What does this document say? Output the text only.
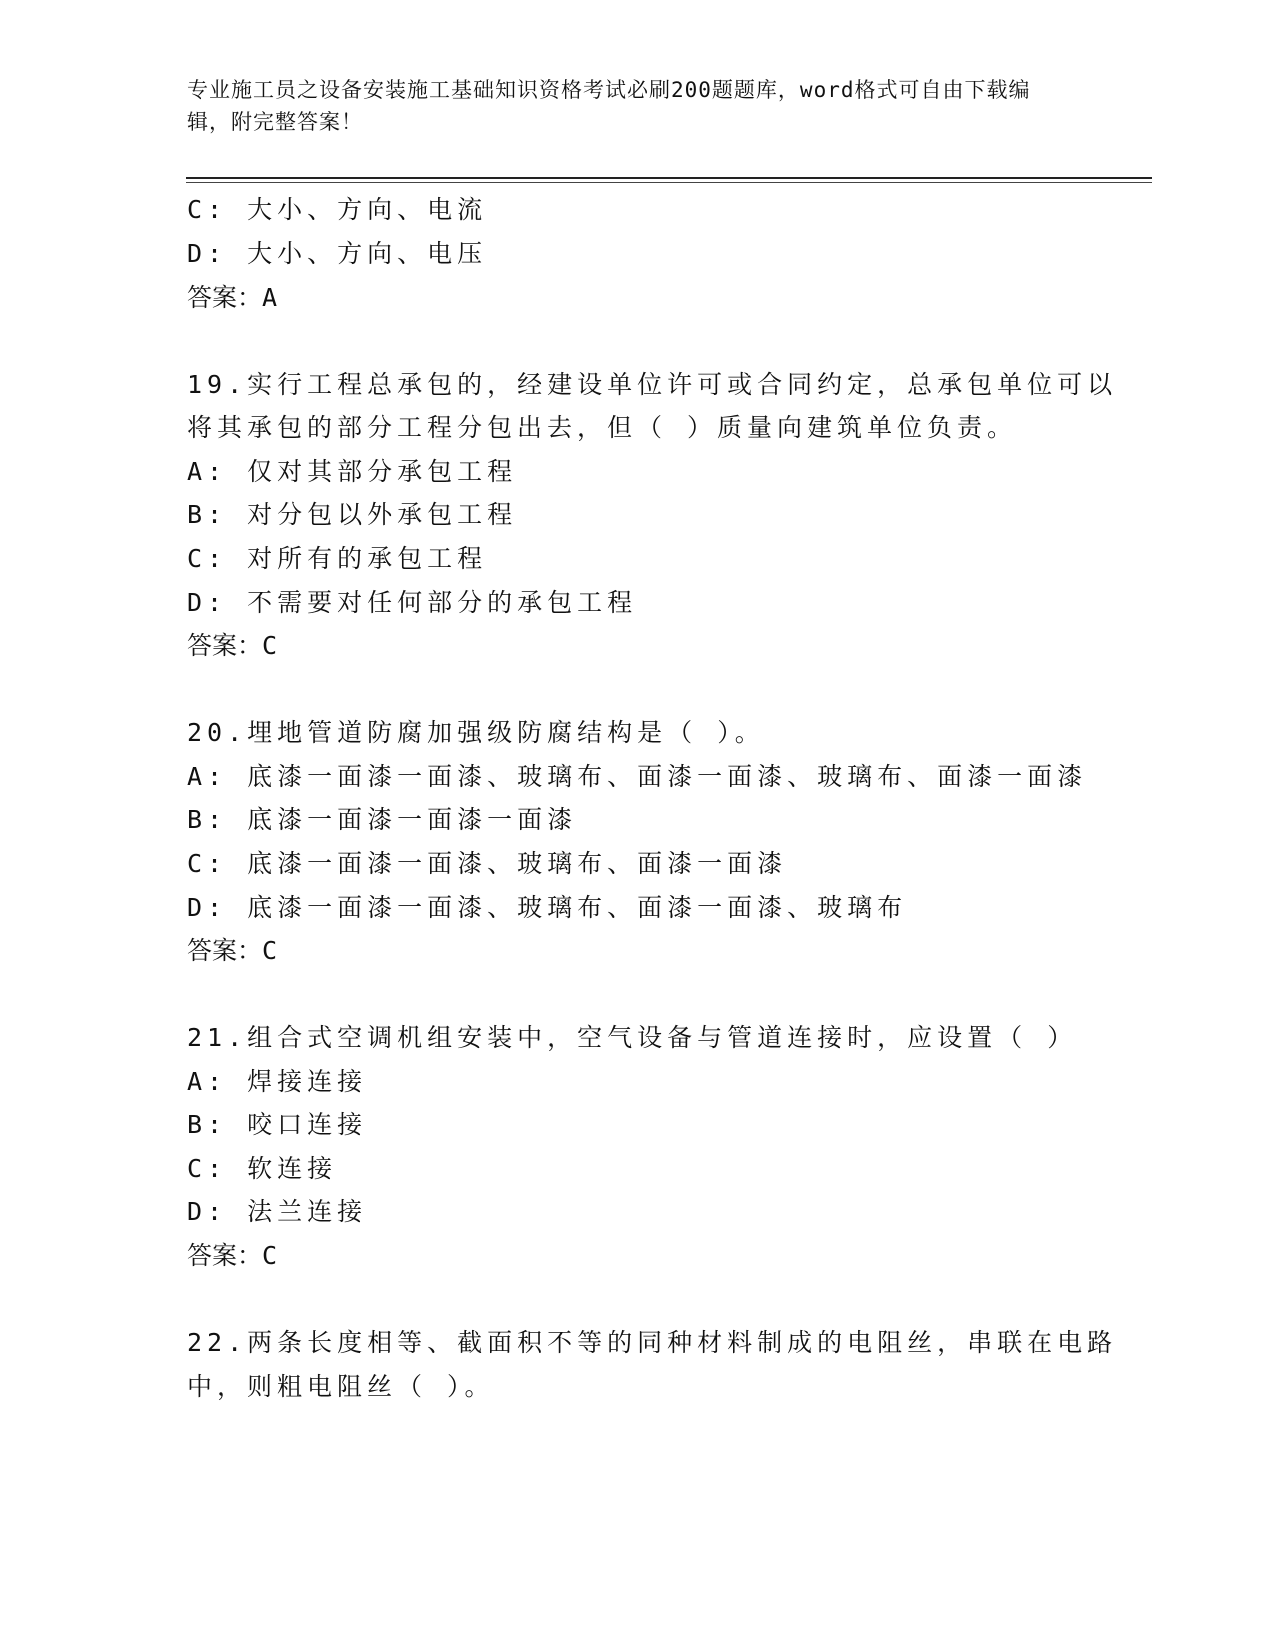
专业施工员之设备安装施工基础知识资格考试必刷200题题库，word格式可自由下载编辑，附完整答案！
C: 大小、方向、电流
D: 大小、方向、电压
答案：A
19.实行工程总承包的，经建设单位许可或合同约定，总承包单位可以
将其承包的部分工程分包出去，但（ ）质量向建筑单位负责。
A: 仅对其部分承包工程
B: 对分包以外承包工程
C: 对所有的承包工程
D: 不需要对任何部分的承包工程
答案：C
20.埋地管道防腐加强级防腐结构是（ ）。
A: 底漆一面漆一面漆、玻璃布、面漆一面漆、玻璃布、面漆一面漆
B: 底漆一面漆一面漆一面漆
C: 底漆一面漆一面漆、玻璃布、面漆一面漆
D: 底漆一面漆一面漆、玻璃布、面漆一面漆、玻璃布
答案：C
21.组合式空调机组安装中，空气设备与管道连接时，应设置（ ）
A: 焊接连接
B: 咬口连接
C: 软连接
D: 法兰连接
答案：C
22.两条长度相等、截面积不等的同种材料制成的电阻丝，串联在电路
中，则粗电阻丝（ ）。
